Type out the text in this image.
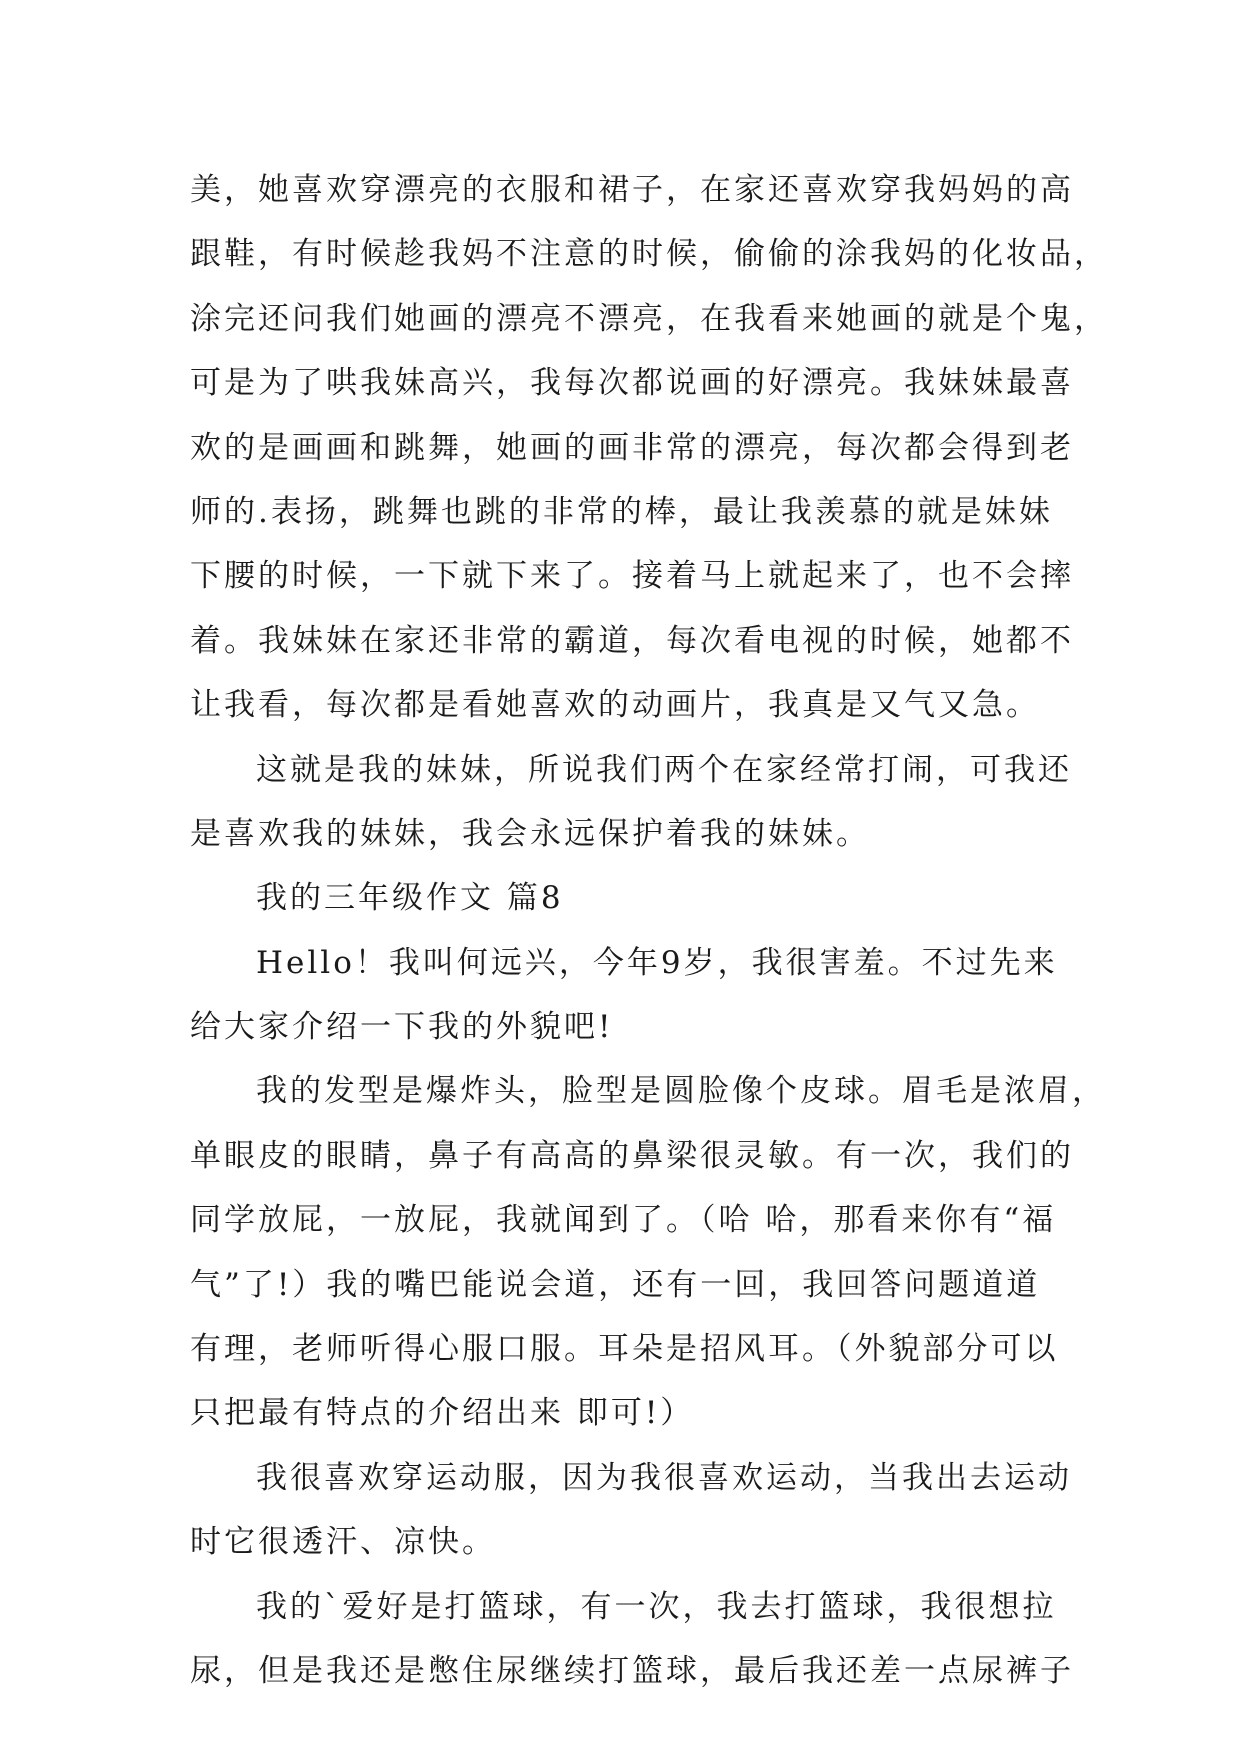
美，她喜欢穿漂亮的衣服和裙子，在家还喜欢穿我妈妈的高
跟鞋，有时候趁我妈不注意的时候，偷偷的涂我妈的化妆品，
涂完还问我们她画的漂亮不漂亮，在我看来她画的就是个鬼，
可是为了哄我妹高兴，我每次都说画的好漂亮。我妹妹最喜
欢的是画画和跳舞，她画的画非常的漂亮，每次都会得到老
师的.表扬，跳舞也跳的非常的棒，最让我羡慕的就是妹妹
下腰的时候，一下就下来了。接着马上就起来了，也不会摔
着。我妹妹在家还非常的霸道，每次看电视的时候，她都不
让我看，每次都是看她喜欢的动画片，我真是又气又急。
这就是我的妹妹，所说我们两个在家经常打闹，可我还
是喜欢我的妹妹，我会永远保护着我的妹妹。
我的三年级作文 篇8
Hello！我叫何远兴，今年9岁，我很害羞。不过先来
给大家介绍一下我的外貌吧!
我的发型是爆炸头，脸型是圆脸像个皮球。眉毛是浓眉，
单眼皮的眼睛，鼻子有高高的鼻梁很灵敏。有一次，我们的
同学放屁，一放屁，我就闻到了。（哈 哈，那看来你有“福
气”了!）我的嘴巴能说会道，还有一回，我回答问题道道
有理，老师听得心服口服。耳朵是招风耳。（外貌部分可以
只把最有特点的介绍出来 即可!）
我很喜欢穿运动服，因为我很喜欢运动，当我出去运动
时它很透汗、凉快。
我的`爱好是打篮球，有一次，我去打篮球，我很想拉
尿，但是我还是憋住尿继续打篮球，最后我还差一点尿裤子
